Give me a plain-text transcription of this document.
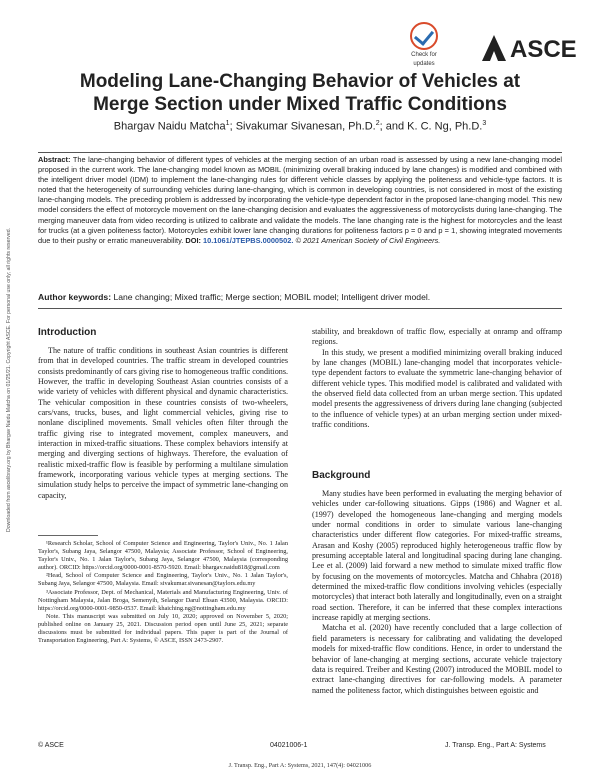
Downloaded from ascelibrary.org by Bhargav Naidu Matcha on 01/25/21. Copyright ASCE. For personal use only; all rights reserved.
Check for
updates
ASCE
Modeling Lane-Changing Behavior of Vehicles at Merge Section under Mixed Traffic Conditions
Bhargav Naidu Matcha$^1$; Sivakumar Sivanesan, Ph.D.$^2$; and K. C. Ng, Ph.D.$^3$
Abstract: The lane-changing behavior of different types of vehicles at the merging section of an urban road is assessed by using a new lane-changing model proposed in the current work. The lane-changing model known as MOBIL (minimizing overall braking induced by lane changes) is modified and combined with the intelligent driver model (IDM) to implement the lane-changing rules for different vehicle classes by applying the politeness and vehicle-type factors. It is noted that the heterogeneity of surrounding vehicles during lane-changing, which is common in developing countries, is not considered in most of the existing lane-changing models. The preceding problem is addressed by incorporating the vehicle-type dependent factor in the proposed lane-changing model. This new model considers the effect of motorcycle movement on the lane-changing decision and evaluates the aggressiveness of motorcyclists during lane-changing. The merging maneuver data from video recording is utilized to calibrate and validate the models. The lane changing rate is the highest for motorcycles and the least for trucks (at a given politeness factor). Motorcycles exhibit lower lane changing durations for politeness factors p = 0 and p = 1, showing integrated movements due to their pushy or erratic maneuverability. DOI: 10.1061/JTEPBS.0000502. © 2021 American Society of Civil Engineers.
Author keywords: Lane changing; Mixed traffic; Merge section; MOBIL model; Intelligent driver model.
Introduction

The nature of traffic conditions in southeast Asian countries is different from that in developed countries. The traffic stream in developed countries consists predominantly of cars giving rise to homogeneous traffic conditions. However, the traffic in developing Southeast Asian countries consists of a wide variety of vehicles with different physical and dynamic characteristics. The vehicular composition in these countries consists of two-wheelers, cars/vans, trucks, buses, and light commercial vehicles, giving rise to nonlane disciplined movements. Small vehicles often filter through the traffic giving rise to integrated movement, complex maneuvers, and interaction in mixed-traffic situations. These complex behaviors intensify at merging and diverging sections of highways. Therefore, the evaluation of realistic mixed-traffic flow is feasible by performing a multilane simulation framework, incorporating various vehicle types at merging sections. The simulation study helps to perceive the impact of symmetric lane-changing on capacity,

¹Research Scholar, School of Computer Science and Engineering, Taylor's Univ., No. 1 Jalan Taylor's, Subang Jaya, Selangor 47500, Malaysia; Associate Professor, School of Engineering, Taylor's Univ., No. 1 Jalan Taylor's, Subang Jaya, Selangor 47500, Malaysia (corresponding author). ORCID: https://orcid.org/0000-0001-8570-5920. Email: bhargav.naidu818@gmail.com

²Head, School of Computer Science and Engineering, Taylor's Univ., No. 1 Jalan Taylor's, Subang Jaya, Selangor 47500, Malaysia. Email: sivakumar.sivanesan@taylors.edu.my

³Associate Professor, Dept. of Mechanical, Materials and Manufacturing Engineering, Univ. of Nottingham Malaysia, Jalan Broga, Semenyih, Selangor Darul Ehsan 43500, Malaysia. ORCID: https://orcid.org/0000-0001-9850-0537. Email: khaiching.ng@nottingham.edu.my

Note. This manuscript was submitted on July 10, 2020; approved on November 5, 2020; published online on January 25, 2021. Discussion period open until June 25, 2021; separate discussions must be submitted for individual papers. This paper is part of the Journal of Transportation Engineering, Part A: Systems, © ASCE, ISSN 2473-2907.

stability, and breakdown of traffic flow, especially at onramp and offramp regions.

In this study, we present a modified minimizing overall braking induced by lane changes (MOBIL) lane-changing model that incorporates vehicle-type dependent factors to evaluate the symmetric lane-changing behavior of different vehicle types. This modified model is calibrated and validated with the observed field data collected from an urban merge section. This updated model presents the aggressiveness of drivers during lane changing (subjected to the influence of vehicle types) at an urban merging section under mixed-traffic conditions.

Background

Many studies have been performed in evaluating the merging behavior of vehicles under car-following situations. Gipps (1986) and Wagner et al. (1997) developed the homogeneous lane-changing and merging models under normal conditions in order to simulate various lane-changing characteristics under different flow categories. For mixed-traffic streams, Arasan and Koshy (2005) reproduced highly heterogeneous traffic flow by presuming acceptable lateral and longitudinal spacing during lane changing. Lee et al. (2009) laid forward a new method to simulate mixed traffic flow by focusing on the movements of motorcycles. Matcha and Chhabra (2018) determined the mixed-traffic flow conditions involving vehicles (especially motorcycles) that interact both laterally and longitudinally, even on a straight road section. Therefore, it can be inferred that these complex interactions increase rapidly at merging sections.

Matcha et al. (2020) have recently concluded that a large collection of field parameters is necessary for calibrating and validating the developed models for mixed-traffic flow conditions. Hence, in order to understand the behavior of lane-changing at merging sections, accurate vehicle trajectory data is required. Treiber and Kesting (2007) introduced the MOBIL model to extract lane-changing directives for car-following models. A parameter named the politeness factor, which distinguishes between egoistic and

© ASCE	04021006-1	J. Transp. Eng., Part A: Systems
J. Transp. Eng., Part A: Systems, 2021, 147(4): 04021006
